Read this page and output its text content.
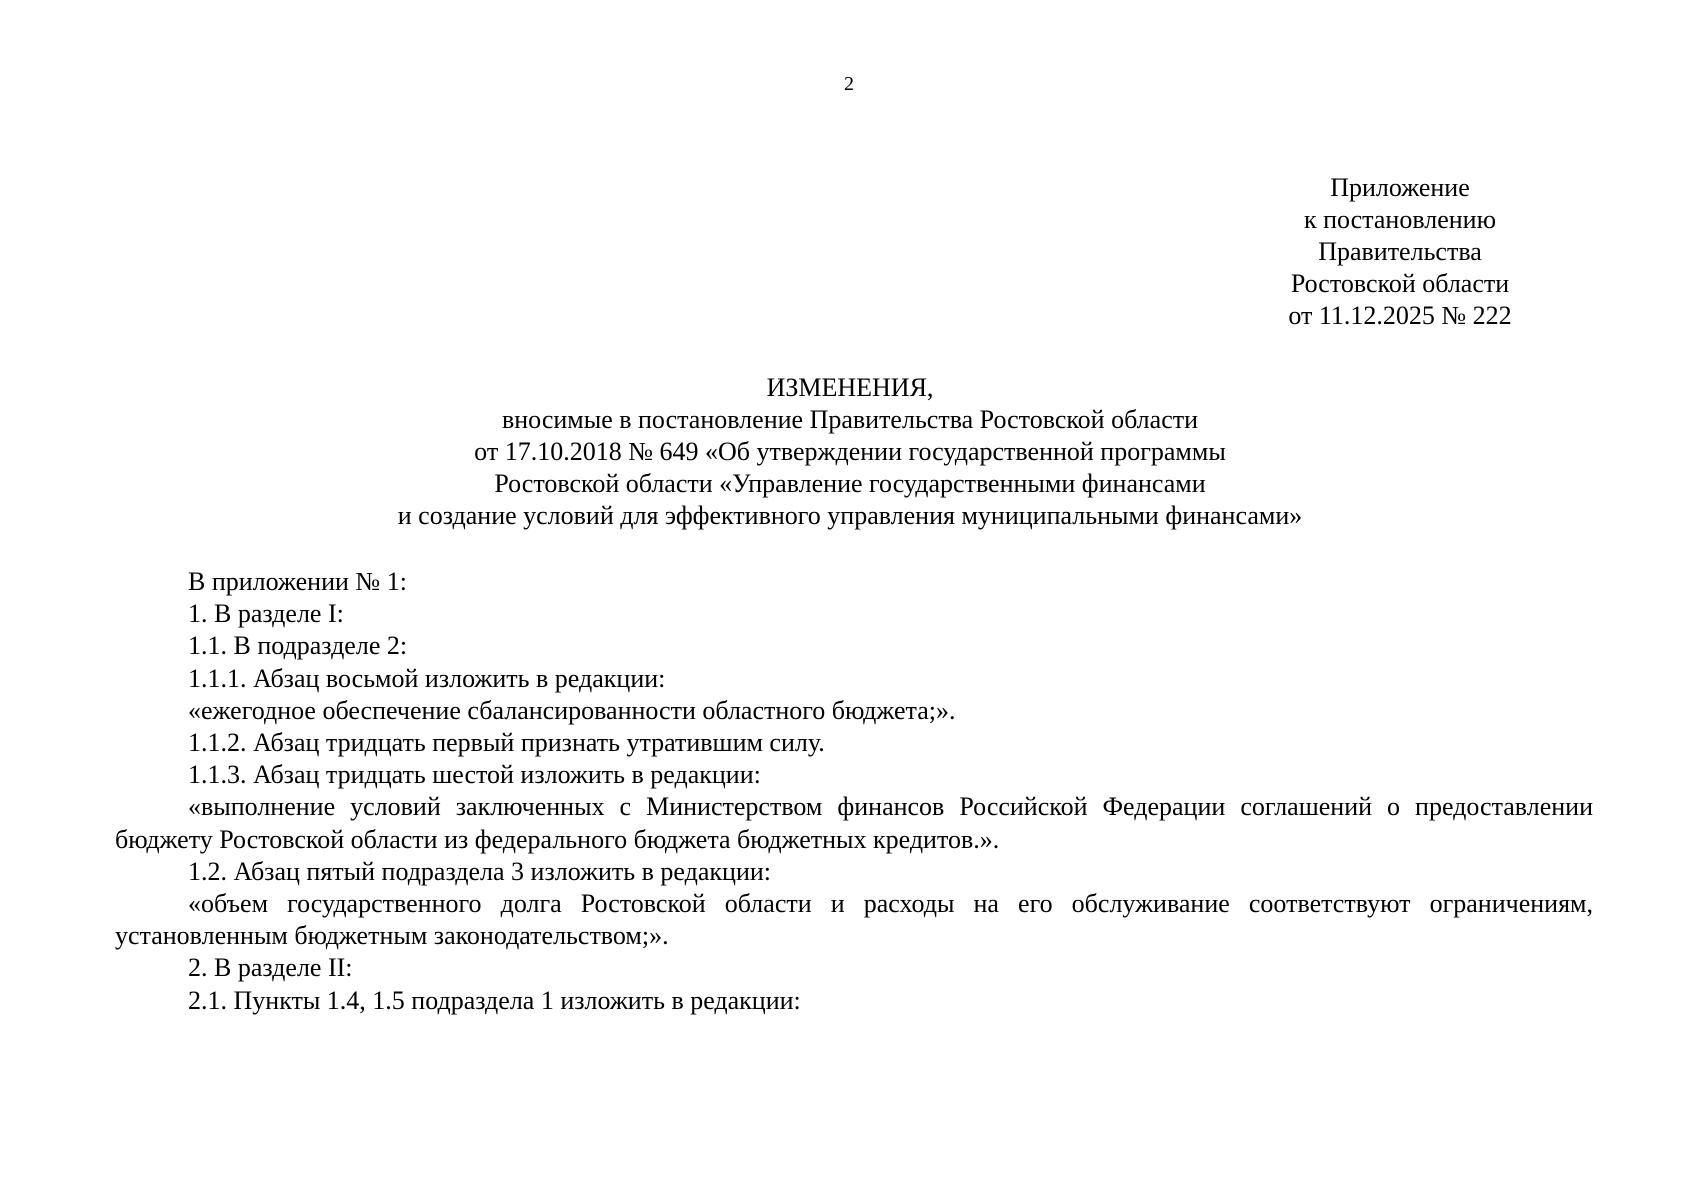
2
Приложение
к постановлению
Правительства
Ростовской области
от 11.12.2025 № 222
ИЗМЕНЕНИЯ,
вносимые в постановление Правительства Ростовской области
от 17.10.2018 № 649 «Об утверждении государственной программы
Ростовской области «Управление государственными финансами
и создание условий для эффективного управления муниципальными финансами»

В приложении № 1:

1. В разделе I:

1.1. В подразделе 2:

1.1.1. Абзац восьмой изложить в редакции:

«ежегодное обеспечение сбалансированности областного бюджета;».

1.1.2. Абзац тридцать первый признать утратившим силу.

1.1.3. Абзац тридцать шестой изложить в редакции:

«выполнение условий заключенных с Министерством финансов Российской Федерации соглашений о предоставлении бюджету Ростовской области из федерального бюджета бюджетных кредитов.».

1.2. Абзац пятый подраздела 3 изложить в редакции:

«объем государственного долга Ростовской области и расходы на его обслуживание соответствуют ограничениям, установленным бюджетным законодательством;».

2. В разделе II:

2.1. Пункты 1.4, 1.5 подраздела 1 изложить в редакции:
